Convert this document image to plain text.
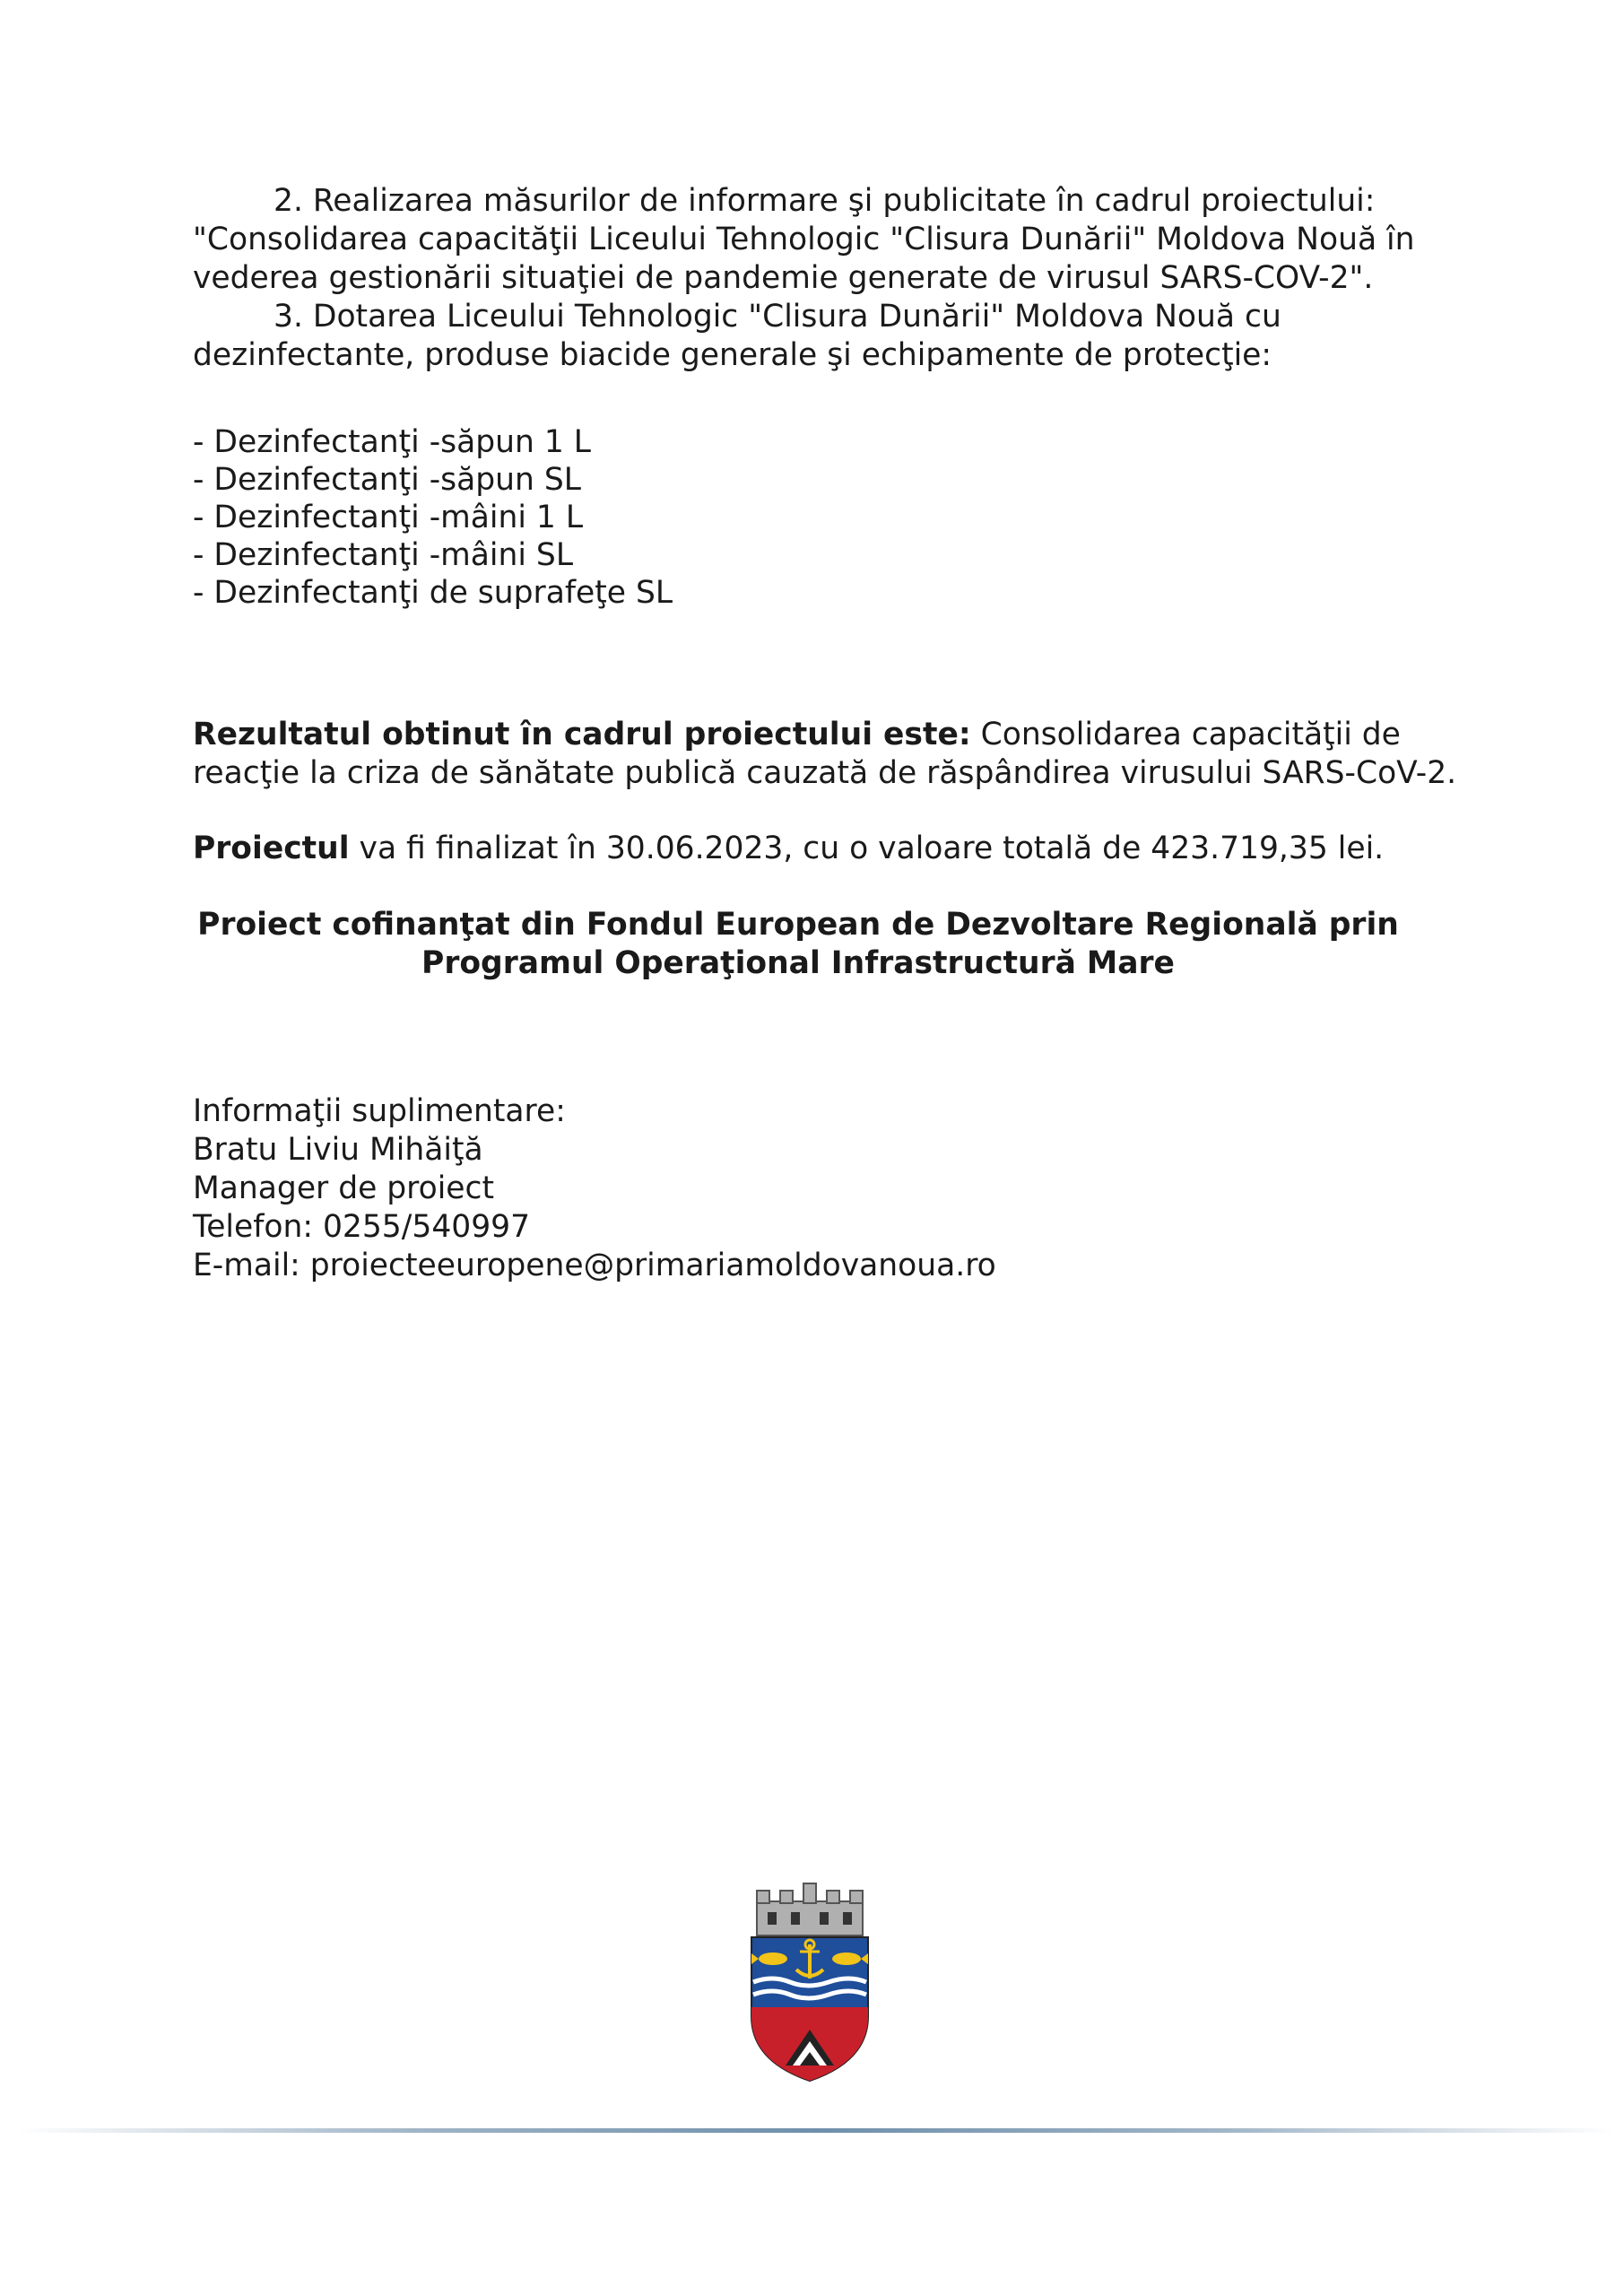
2. Realizarea măsurilor de informare şi publicitate în cadrul proiectului: "Consolidarea capacităţii Liceului Tehnologic "Clisura Dunării" Moldova Nouă în vederea gestionării situaţiei de pandemie generate de virusul SARS-COV-2".

3. Dotarea Liceului Tehnologic "Clisura Dunării" Moldova Nouă cu dezinfectante, produse biacide generale şi echipamente de protecţie:

- Dezinfectanţi -săpun 1 L
- Dezinfectanţi -săpun SL
- Dezinfectanţi -mâini 1 L
- Dezinfectanţi -mâini SL
- Dezinfectanţi de suprafeţe SL
Rezultatul obtinut în cadrul proiectului este: Consolidarea capacităţii de reacţie la criza de sănătate publică cauzată de răspândirea virusului SARS-CoV-2.
Proiectul va fi finalizat în 30.06.2023, cu o valoare totală de 423.719,35 lei.
Proiect cofinanţat din Fondul European de Dezvoltare Regională prin Programul Operaţional Infrastructură Mare
Informaţii suplimentare:
Bratu Liviu Mihăiţă
Manager de proiect
Telefon: 0255/540997
E-mail: proiecteeuropene@primariamoldovanoua.ro
